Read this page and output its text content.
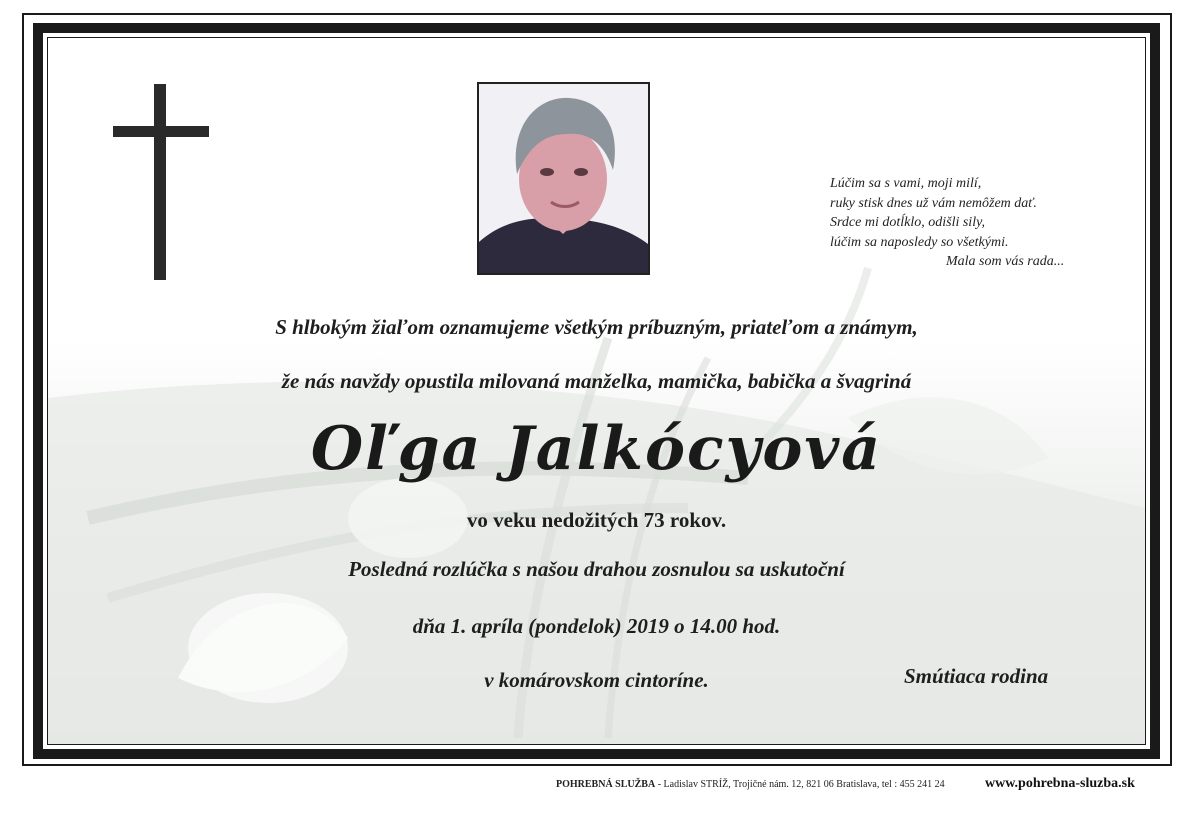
Lúčim sa s vami, moji milí,
ruky stisk dnes už vám nemôžem dať.
Srdce mi dotĺklo, odišli sily,
lúčim sa naposledy so všetkými.
Mala som vás rada...
S hlbokým žiaľom oznamujeme všetkým príbuzným, priateľom a známym,
že nás navždy opustila milovaná manželka, mamička, babička a švagriná
Oľga Jalkócyová
vo veku nedožitých 73 rokov.
Posledná rozlúčka s našou drahou zosnulou sa uskutoční
dňa 1. apríla (pondelok) 2019 o 14.00 hod.
v komárovskom cintoríne.	Smútiaca rodina
POHREBNÁ SLUŽBA - Ladislav STRÍŽ, Trojičné nám. 12, 821 06 Bratislava, tel : 455 241 24	www.pohrebna-sluzba.sk
